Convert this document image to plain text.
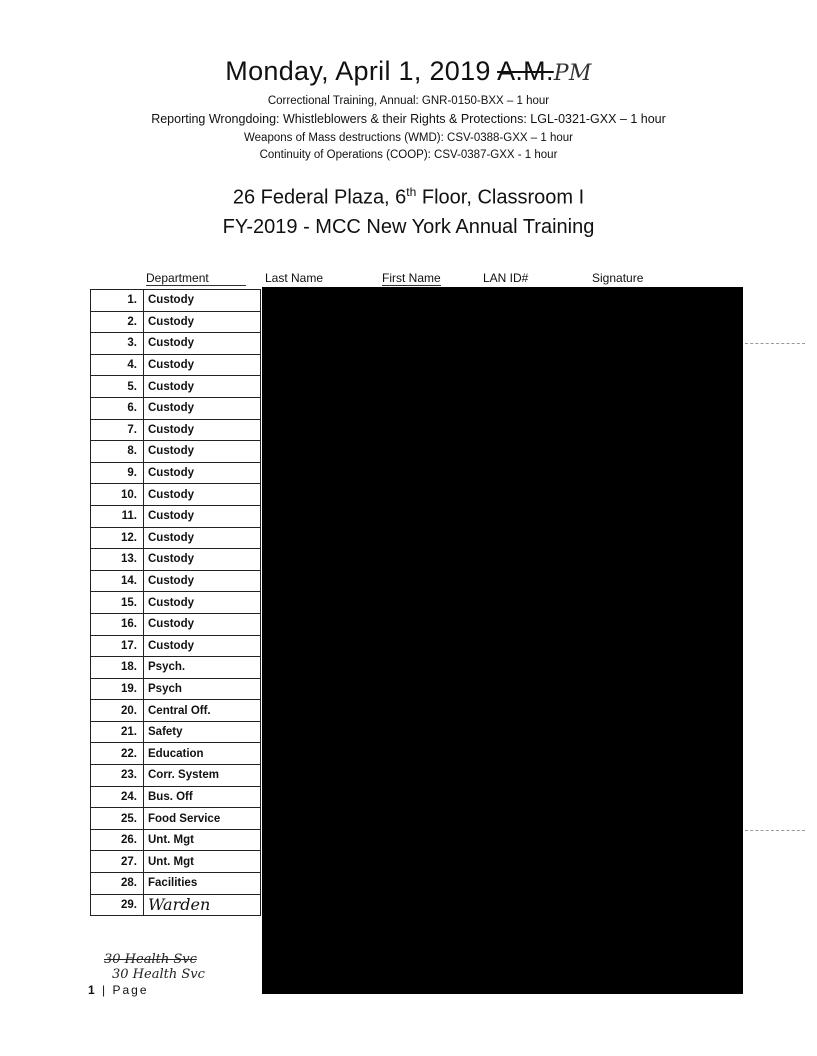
Monday, April 1, 2019 A.M.PM
Correctional Training, Annual: GNR-0150-BXX – 1 hour
Reporting Wrongdoing: Whistleblowers & their Rights & Protections: LGL-0321-GXX – 1 hour
Weapons of Mass destructions (WMD): CSV-0388-GXX – 1 hour
Continuity of Operations (COOP): CSV-0387-GXX - 1 hour
26 Federal Plaza, 6th Floor, Classroom I
FY-2019 - MCC New York Annual Training
Department	Last Name	First Name	LAN ID#	Signature
1.	Custody
2.	Custody
3.	Custody
4.	Custody
5.	Custody
6.	Custody
7.	Custody
8.	Custody
9.	Custody
10.	Custody
11.	Custody
12.	Custody
13.	Custody
14.	Custody
15.	Custody
16.	Custody
17.	Custody
18.	Psych.
19.	Psych
20.	Central Off.
21.	Safety
22.	Education
23.	Corr. System
24.	Bus. Off
25.	Food Service
26.	Unt. Mgt
27.	Unt. Mgt
28.	Facilities
29.	Warden
30 Health Svc
30 Health Svc
1 | Page
